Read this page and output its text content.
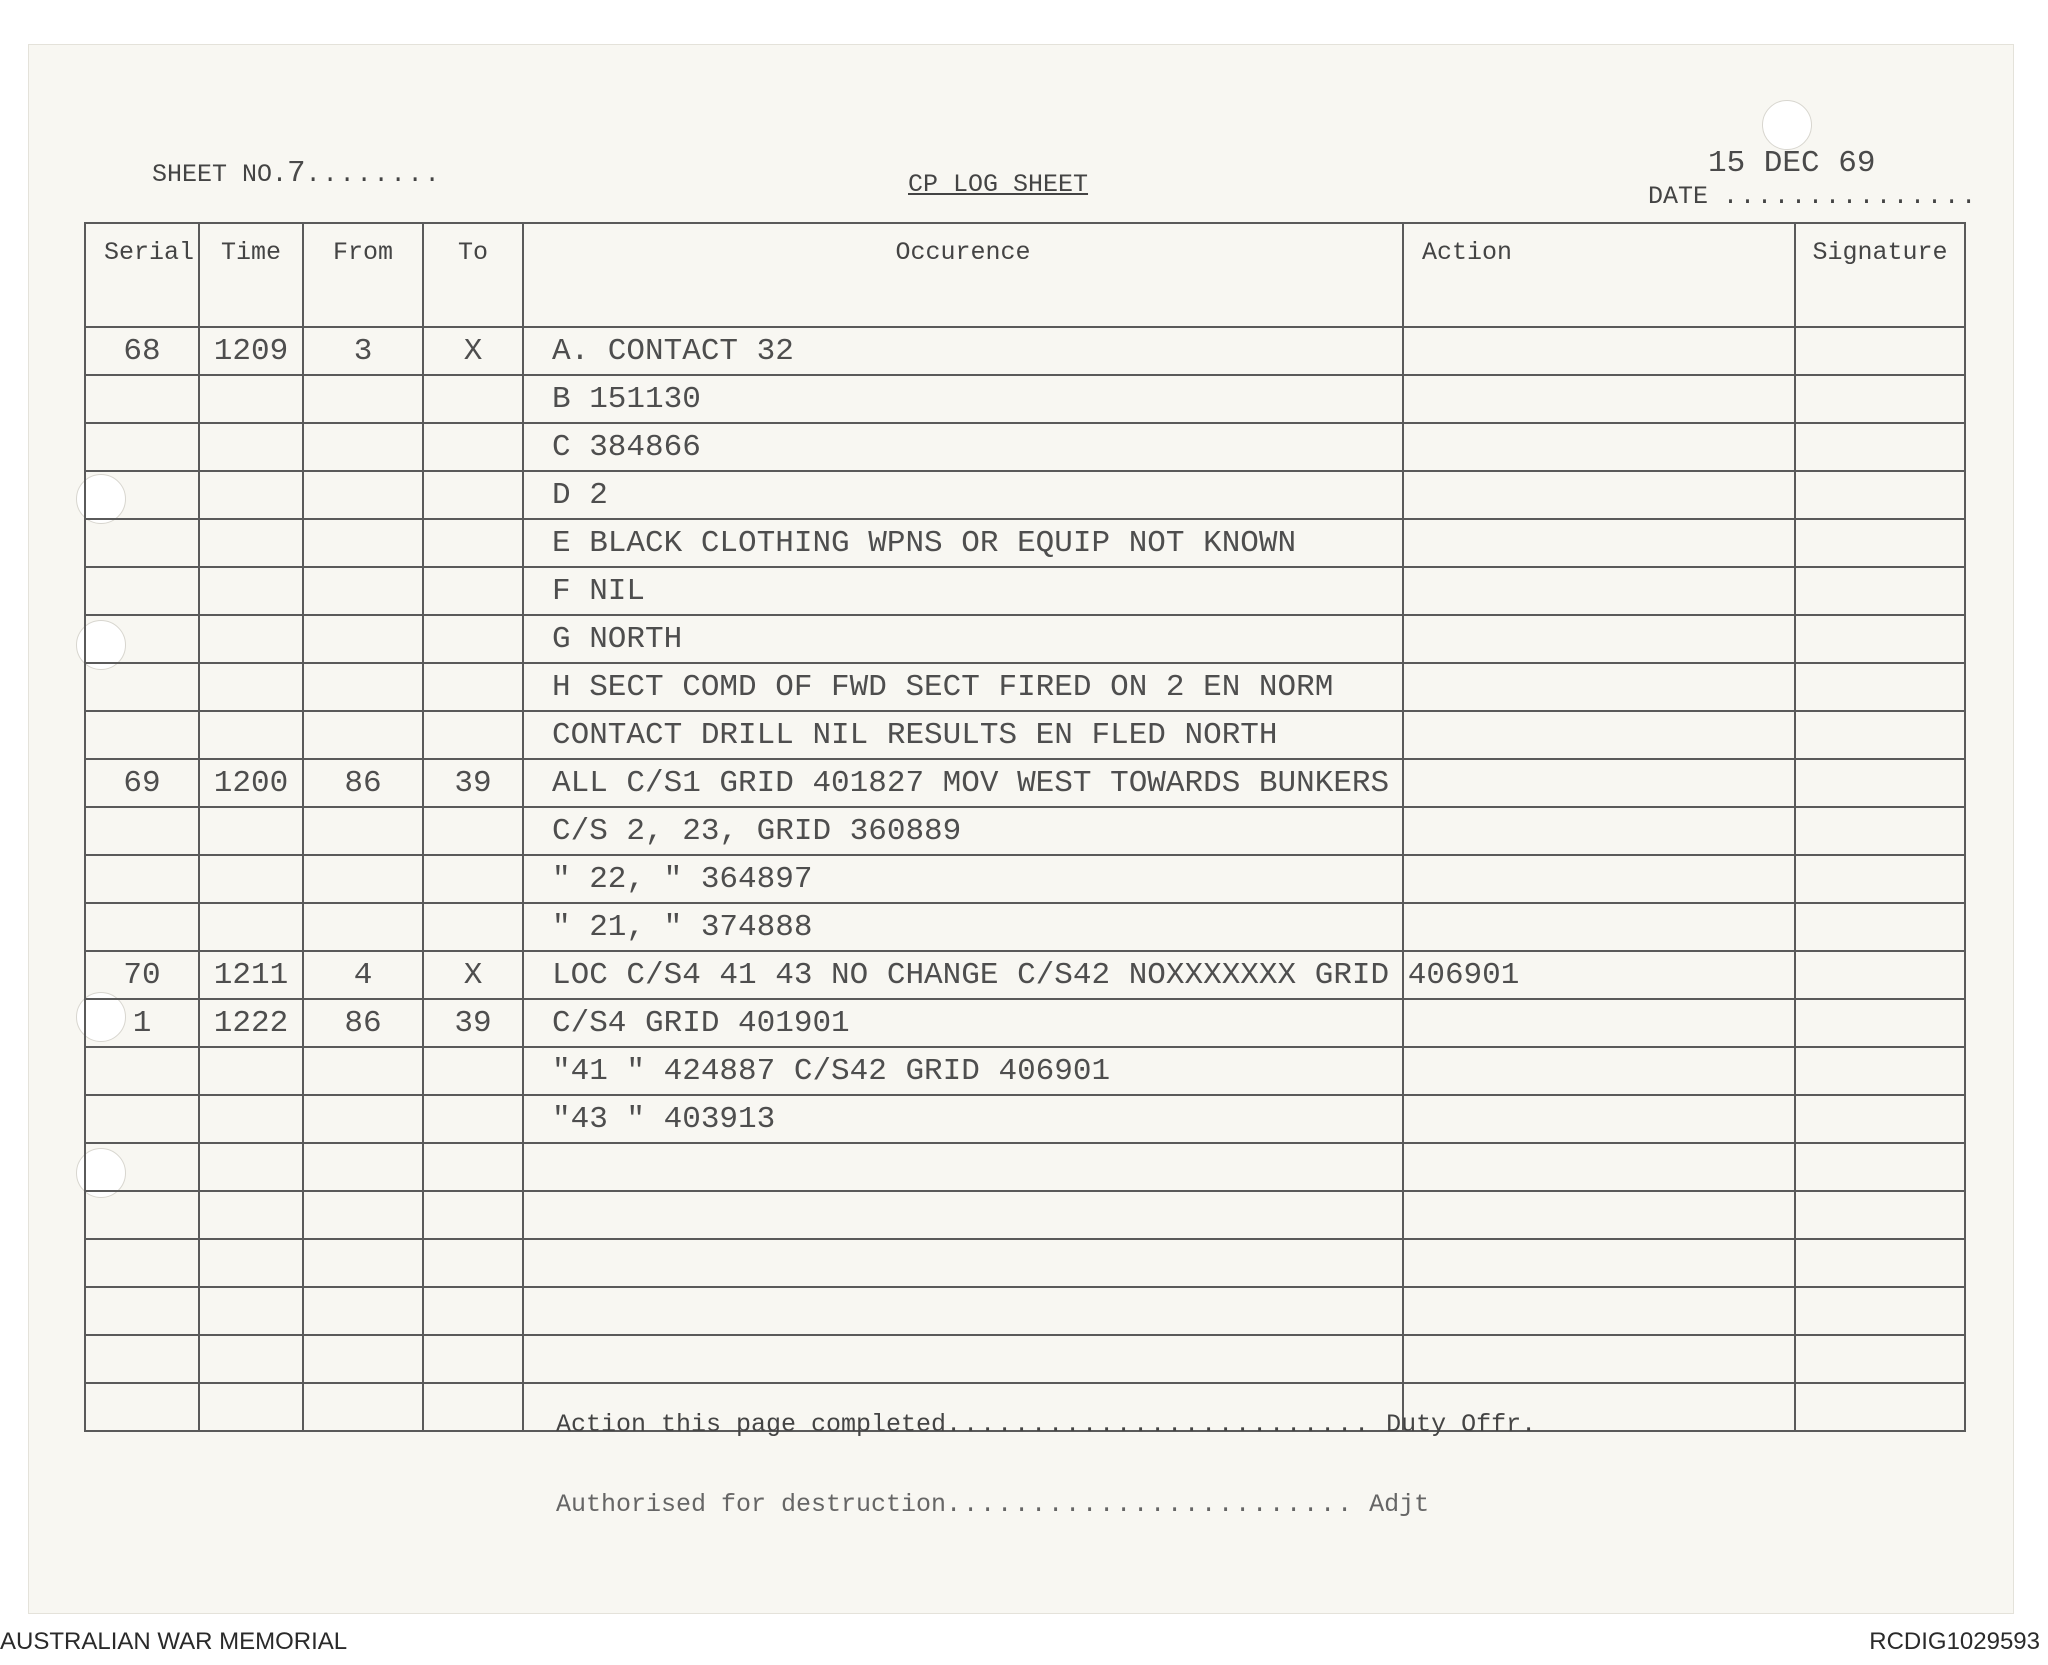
SHEET NO.7........	CP LOG SHEET
15 DEC 69
DATE ...............
Serial	Time	From	To	Occurence	Action	Signature
68	1209	3	X	A. CONTACT 32		
				B 151130		
				C 384866		
				D 2		
				E BLACK CLOTHING WPNS OR EQUIP NOT KNOWN		
				F NIL		
				G NORTH		
				H SECT COMD OF FWD SECT FIRED ON 2 EN NORM		
				CONTACT DRILL NIL RESULTS EN FLED NORTH		
69	1200	86	39	ALL C/S1 GRID 401827 MOV WEST TOWARDS BUNKERS		
				C/S 2, 23, GRID 360889		
				" 22, " 364897		
				" 21, " 374888		
70	1211	4	X	LOC C/S4 41 43 NO CHANGE C/S42 NOXXXXXXX GRID 406901		
1	1222	86	39	C/S4 GRID 401901		
				"41 " 424887 C/S42 GRID 406901		
				"43 " 403913		

Action this page completed......................... Duty Offr.
Authorised for destruction........................ Adjt
AUSTRALIAN WAR MEMORIAL	RCDIG1029593
